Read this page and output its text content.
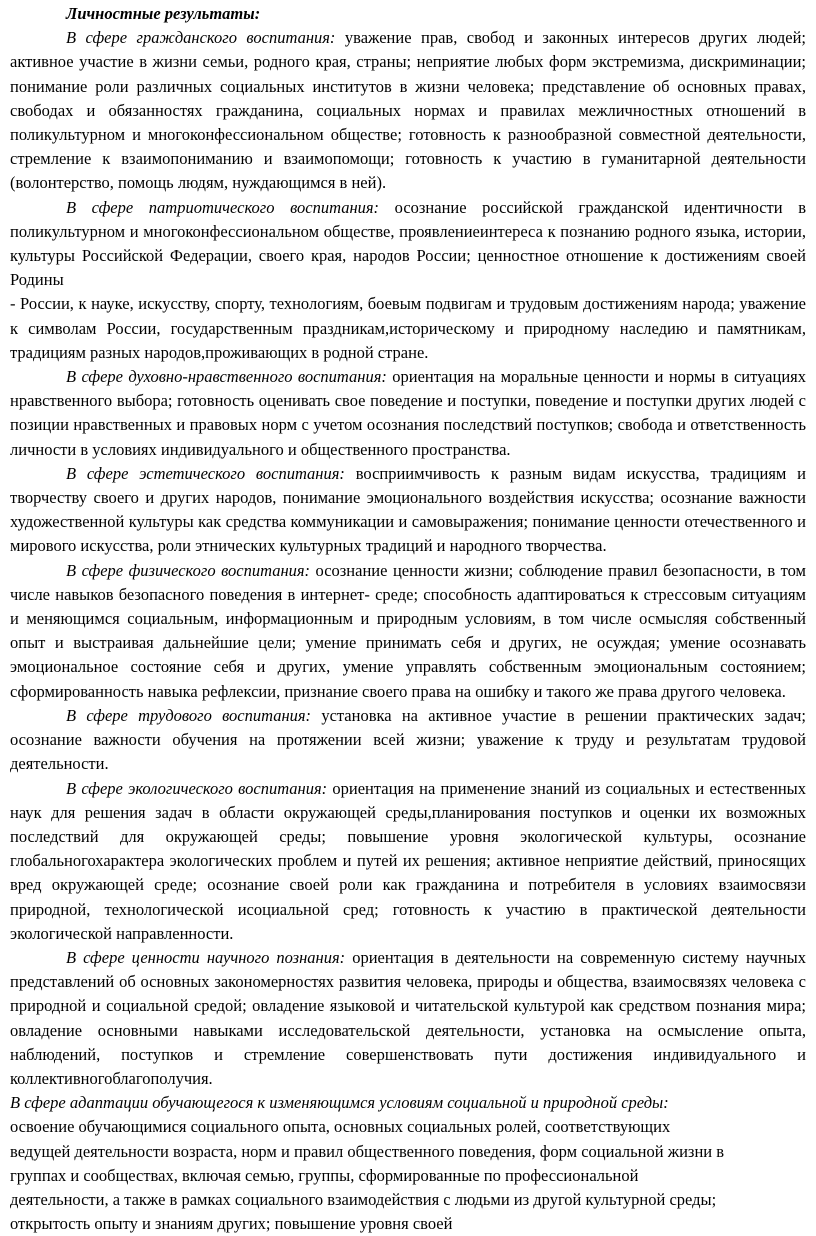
Личностные результаты:

В сфере гражданского воспитания: уважение прав, свобод и законных интересов других людей; активное участие в жизни семьи, родного края, страны; неприятие любых форм экстремизма, дискриминации; понимание роли различных социальных институтов в жизни человека; представление об основных правах, свободах и обязанностях гражданина, социальных нормах и правилах межличностных отношений в поликультурном и многоконфессиональном обществе; готовность к разнообразной совместной деятельности, стремление к взаимопониманию и взаимопомощи; готовность к участию в гуманитарной деятельности (волонтерство, помощь людям, нуждающимся в ней).

В сфере патриотического воспитания: осознание российской гражданской идентичности в поликультурном и многоконфессиональном обществе, проявлениеинтереса к познанию родного языка, истории, культуры Российской Федерации, своего края, народов России; ценностное отношение к достижениям своей Родины

- России, к науке, искусству, спорту, технологиям, боевым подвигам и трудовым достижениям народа; уважение к символам России, государственным праздникам,историческому и природному наследию и памятникам, традициям разных народов,проживающих в родной стране.

В сфере духовно-нравственного воспитания: ориентация на моральные ценности и нормы в ситуациях нравственного выбора; готовность оценивать свое поведение и поступки, поведение и поступки других людей с позиции нравственных и правовых норм с учетом осознания последствий поступков; свобода и ответственность личности в условиях индивидуального и общественного пространства.

В сфере эстетического воспитания: восприимчивость к разным видам искусства, традициям и творчеству своего и других народов, понимание эмоционального воздействия искусства; осознание важности художественной культуры как средства коммуникации и самовыражения; понимание ценности отечественного и мирового искусства, роли этнических культурных традиций и народного творчества.

В сфере физического воспитания: осознание ценности жизни; соблюдение правил безопасности, в том числе навыков безопасного поведения в интернет- среде; способность адаптироваться к стрессовым ситуациям и меняющимся социальным, информационным и природным условиям, в том числе осмысляя собственный опыт и выстраивая дальнейшие цели; умение принимать себя и других, не осуждая; умение осознавать эмоциональное состояние себя и других, умение управлять собственным эмоциональным состоянием; сформированность навыка рефлексии, признание своего права на ошибку и такого же права другого человека.

В сфере трудового воспитания: установка на активное участие в решении практических задач; осознание важности обучения на протяжении всей жизни; уважение к труду и результатам трудовой деятельности.

В сфере экологического воспитания: ориентация на применение знаний из социальных и естественных наук для решения задач в области окружающей среды,планирования поступков и оценки их возможных последствий для окружающей среды; повышение уровня экологической культуры, осознание глобальногохарактера экологических проблем и путей их решения; активное неприятие действий, приносящих вред окружающей среде; осознание своей роли как гражданина и потребителя в условиях взаимосвязи природной, технологической исоциальной сред; готовность к участию в практической деятельности экологической направленности.

В сфере ценности научного познания: ориентация в деятельности на современную систему научных представлений об основных закономерностях развития человека, природы и общества, взаимосвязях человека с природной и социальной средой; овладение языковой и читательской культурой как средством познания мира; овладение основными навыками исследовательской деятельности, установка на осмысление опыта, наблюдений, поступков и стремление совершенствовать пути достижения индивидуального и коллективногоблагополучия.

В сфере адаптации обучающегося к изменяющимся условиям социальной и природной среды:

освоение обучающимися социального опыта, основных социальных ролей, соответствующих

ведущей деятельности возраста, норм и правил общественного поведения, форм социальной жизни в

группах и сообществах, включая семью, группы, сформированные по профессиональной

деятельности, а также в рамках социального взаимодействия с людьми из другой культурной среды;

открытость опыту и знаниям других; повышение уровня своей
